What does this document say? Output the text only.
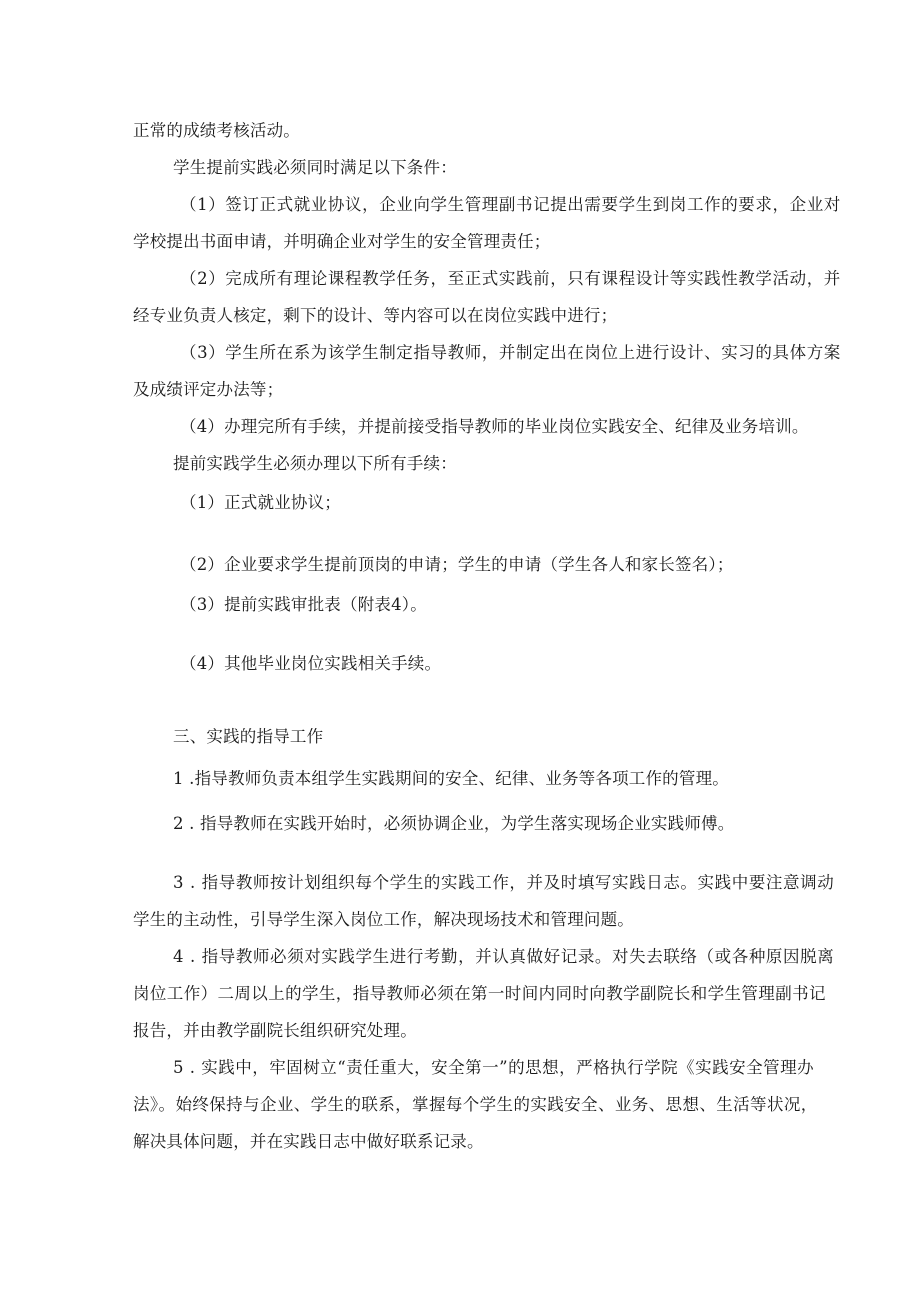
正常的成绩考核活动。

学生提前实践必须同时满足以下条件：

（1）签订正式就业协议，企业向学生管理副书记提出需要学生到岗工作的要求，企业对

学校提出书面申请，并明确企业对学生的安全管理责任；

（2）完成所有理论课程教学任务，至正式实践前，只有课程设计等实践性教学活动，并

经专业负责人核定，剩下的设计、等内容可以在岗位实践中进行；

（3）学生所在系为该学生制定指导教师，并制定出在岗位上进行设计、实习的具体方案

及成绩评定办法等；

（4）办理完所有手续，并提前接受指导教师的毕业岗位实践安全、纪律及业务培训。

提前实践学生必须办理以下所有手续：

（1）正式就业协议；

（2）企业要求学生提前顶岗的申请；学生的申请（学生各人和家长签名）；

（3）提前实践审批表（附表4）。

（4）其他毕业岗位实践相关手续。

三、实践的指导工作

1 .指导教师负责本组学生实践期间的安全、纪律、业务等各项工作的管理。

2 . 指导教师在实践开始时，必须协调企业，为学生落实现场企业实践师傅。

3 . 指导教师按计划组织每个学生的实践工作，并及时填写实践日志。实践中要注意调动

学生的主动性，引导学生深入岗位工作，解决现场技术和管理问题。

4 . 指导教师必须对实践学生进行考勤，并认真做好记录。对失去联络（或各种原因脱离

岗位工作）二周以上的学生，指导教师必须在第一时间内同时向教学副院长和学生管理副书记

报告，并由教学副院长组织研究处理。

5 . 实践中，牢固树立“责任重大，安全第一”的思想，严格执行学院《实践安全管理办

法》。始终保持与企业、学生的联系，掌握每个学生的实践安全、业务、思想、生活等状况，

解决具体问题，并在实践日志中做好联系记录。
